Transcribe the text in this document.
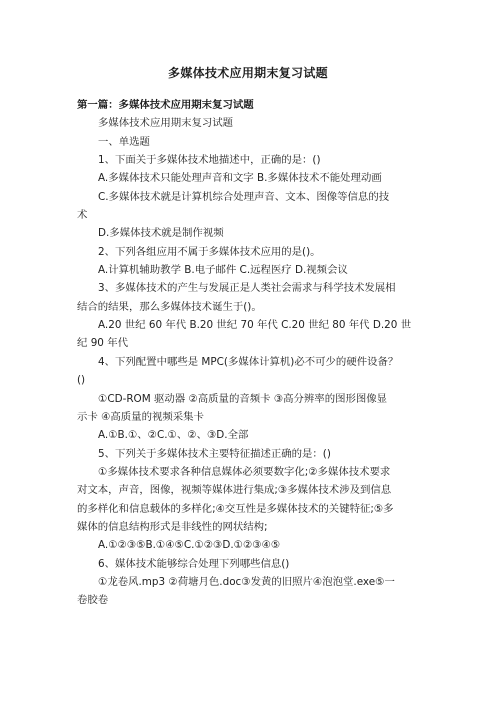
多媒体技术应用期末复习试题
第一篇：多媒体技术应用期末复习试题
多媒体技术应用期末复习试题
一、单选题
1、下面关于多媒体技术地描述中，正确的是：()
A.多媒体技术只能处理声音和文字 B.多媒体技术不能处理动画
C.多媒体技术就是计算机综合处理声音、文本、图像等信息的技
术
D.多媒体技术就是制作视频
2、下列各组应用不属于多媒体技术应用的是()。
A.计算机辅助教学 B.电子邮件 C.远程医疗 D.视频会议
3、多媒体技术的产生与发展正是人类社会需求与科学技术发展相
结合的结果，那么多媒体技术诞生于()。
A.20 世纪 60 年代 B.20 世纪 70 年代 C.20 世纪 80 年代 D.20 世
纪 90 年代
4、下列配置中哪些是 MPC(多媒体计算机)必不可少的硬件设备？
()
①CD-ROM 驱动器 ②高质量的音频卡 ③高分辨率的图形图像显
示卡 ④高质量的视频采集卡
A.①B.①、②C.①、②、③D.全部
5、下列关于多媒体技术主要特征描述正确的是：()
①多媒体技术要求各种信息媒体必须要数字化;②多媒体技术要求
对文本，声音，图像，视频等媒体进行集成;③多媒体技术涉及到信息
的多样化和信息载体的多样化;④交互性是多媒体技术的关键特征;⑤多
媒体的信息结构形式是非线性的网状结构;
A.①②③⑤B.①④⑤C.①②③D.①②③④⑤
6、媒体技术能够综合处理下列哪些信息()
①龙卷风.mp3 ②荷塘月色.doc③发黄的旧照片④泡泡堂.exe⑤一
卷胶卷
